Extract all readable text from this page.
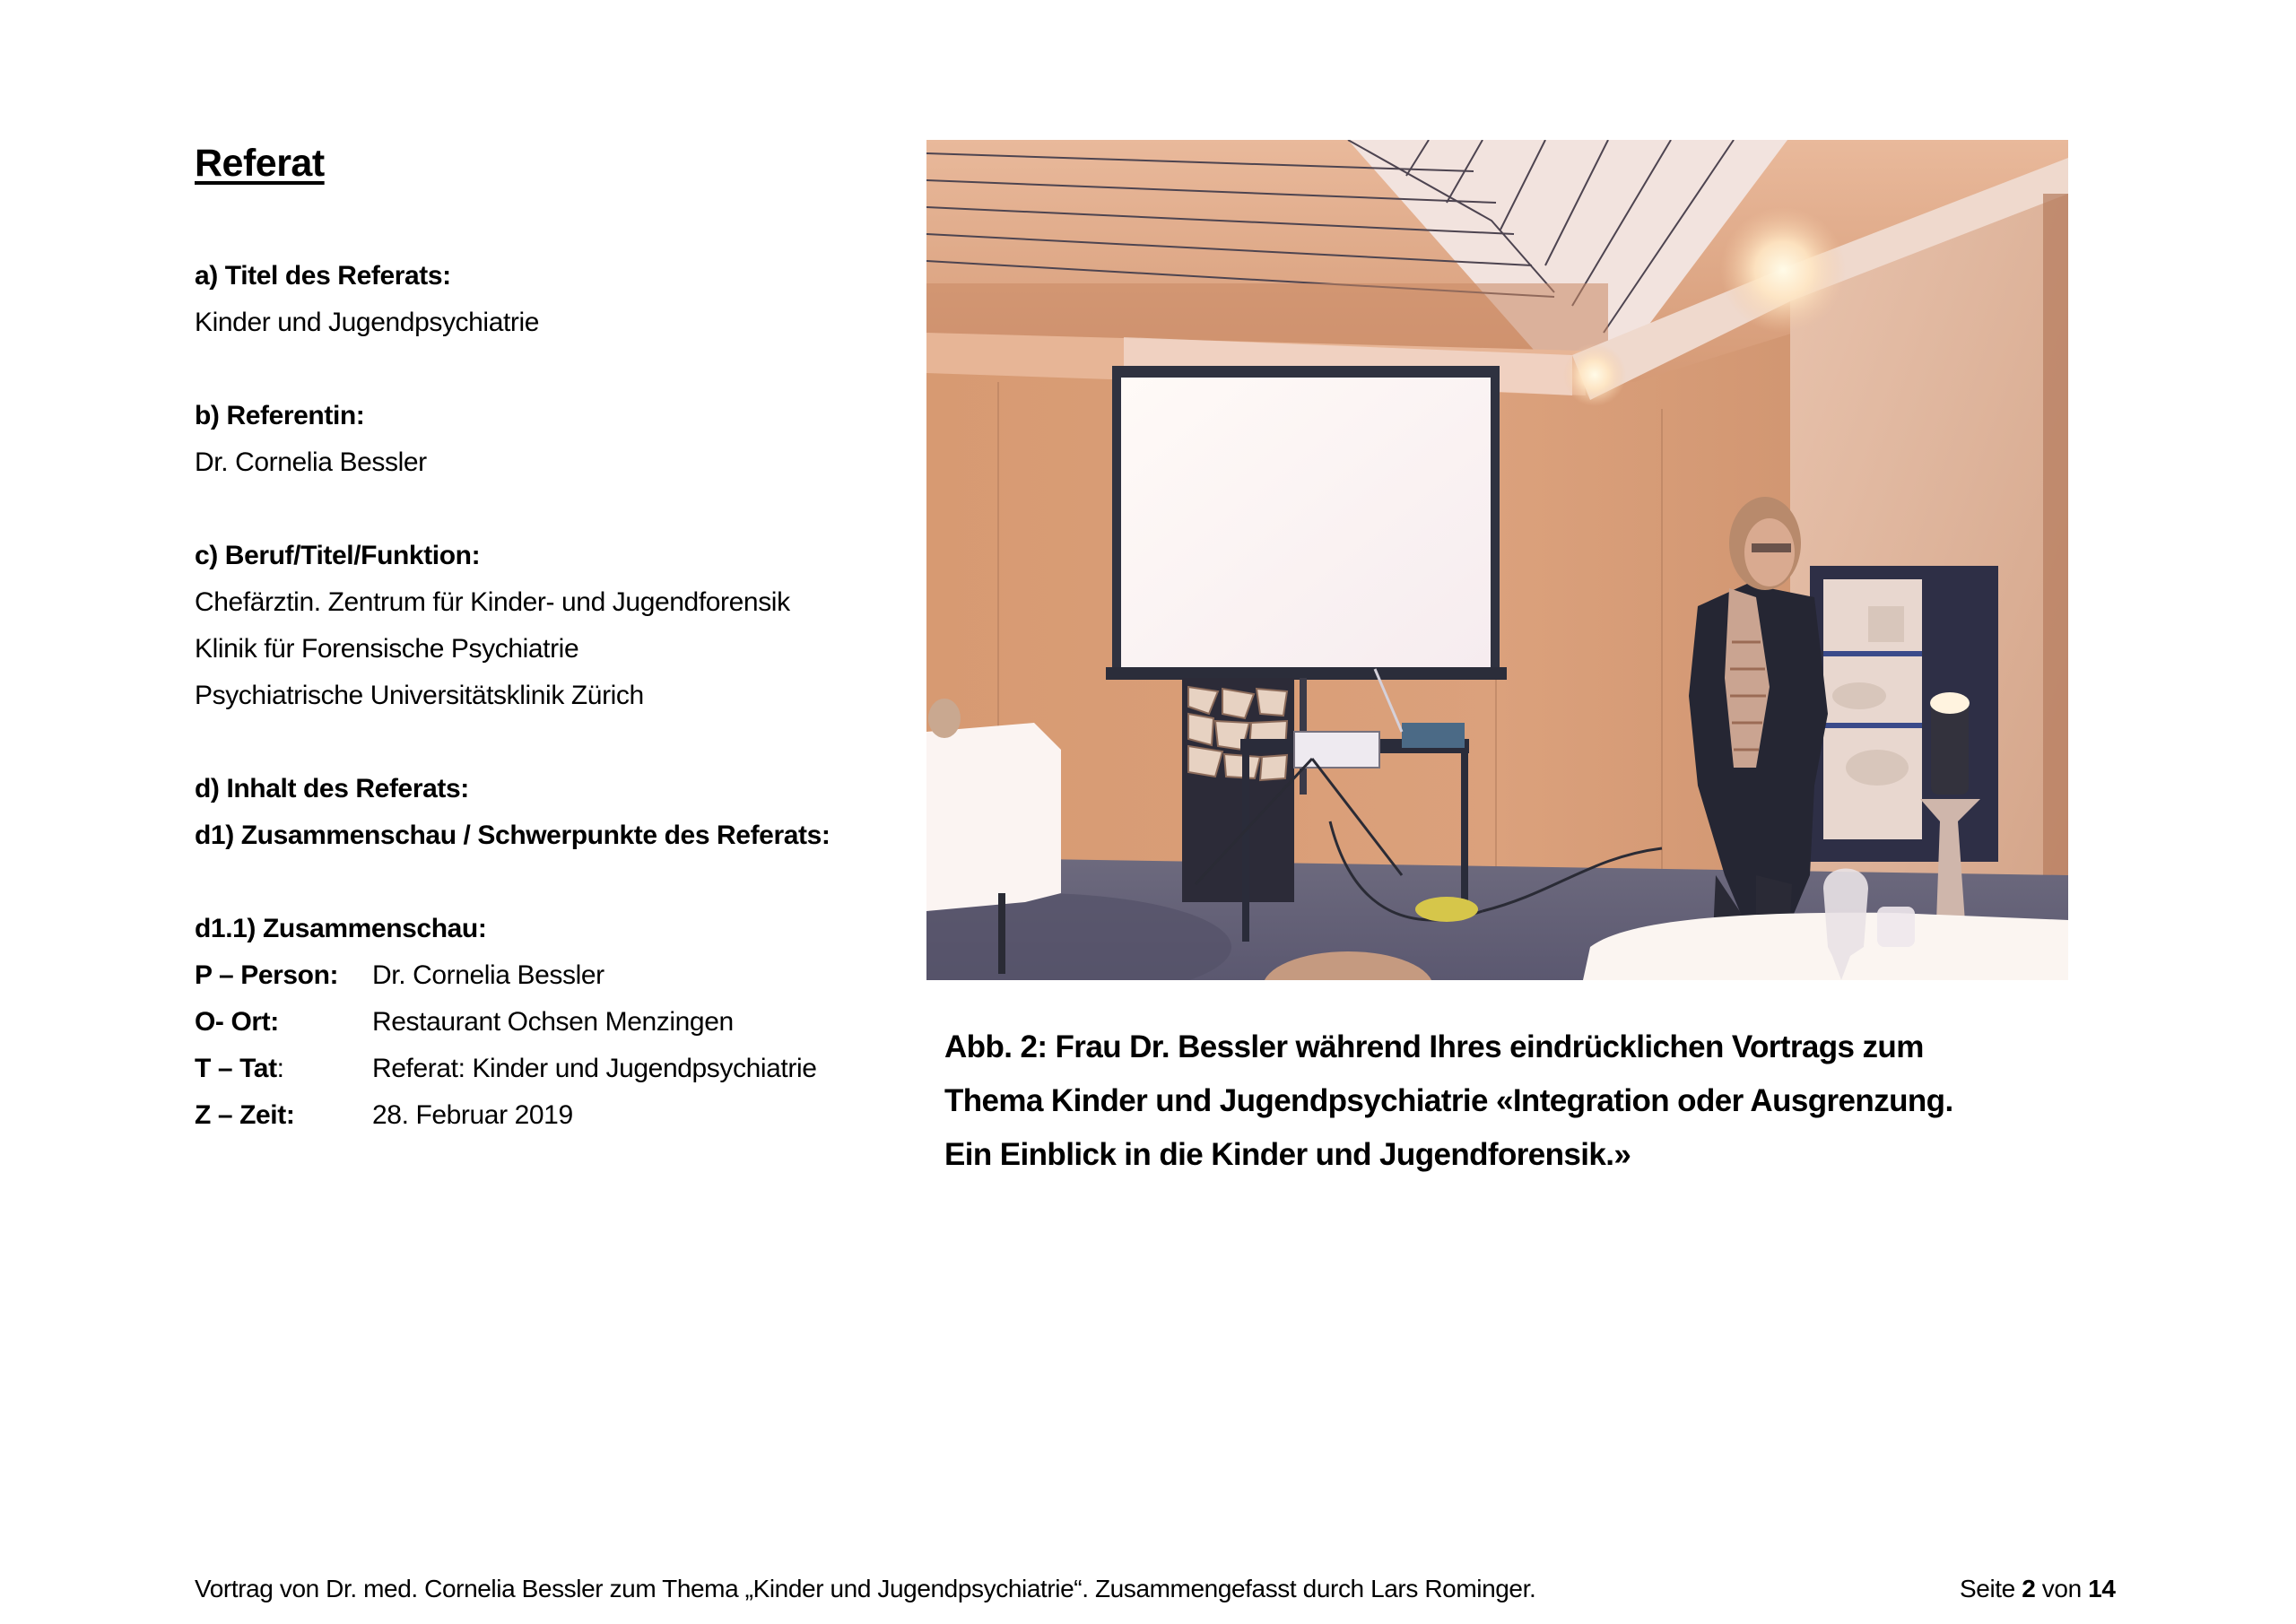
Referat
a) Titel des Referats:
Kinder und Jugendpsychiatrie
b) Referentin:
Dr. Cornelia Bessler
c) Beruf/Titel/Funktion:
Chefärztin. Zentrum für Kinder- und Jugendforensik
Klinik für Forensische Psychiatrie
Psychiatrische Universitätsklinik Zürich
d) Inhalt des Referats:
d1) Zusammenschau / Schwerpunkte des Referats:
d1.1) Zusammenschau:
P – Person: Dr. Cornelia Bessler
O- Ort:	Restaurant Ochsen Menzingen
T – Tat:	Referat: Kinder und Jugendpsychiatrie
Z – Zeit:	28. Februar 2019
Abb. 2: Frau Dr. Bessler während Ihres eindrücklichen Vortrags zum
Thema Kinder und Jugendpsychiatrie «Integration oder Ausgrenzung.
Ein Einblick in die Kinder und Jugendforensik.»
Vortrag von Dr. med. Cornelia Bessler zum Thema „Kinder und Jugendpsychiatrie“. Zusammengefasst durch Lars Rominger.	Seite 2 von 14
